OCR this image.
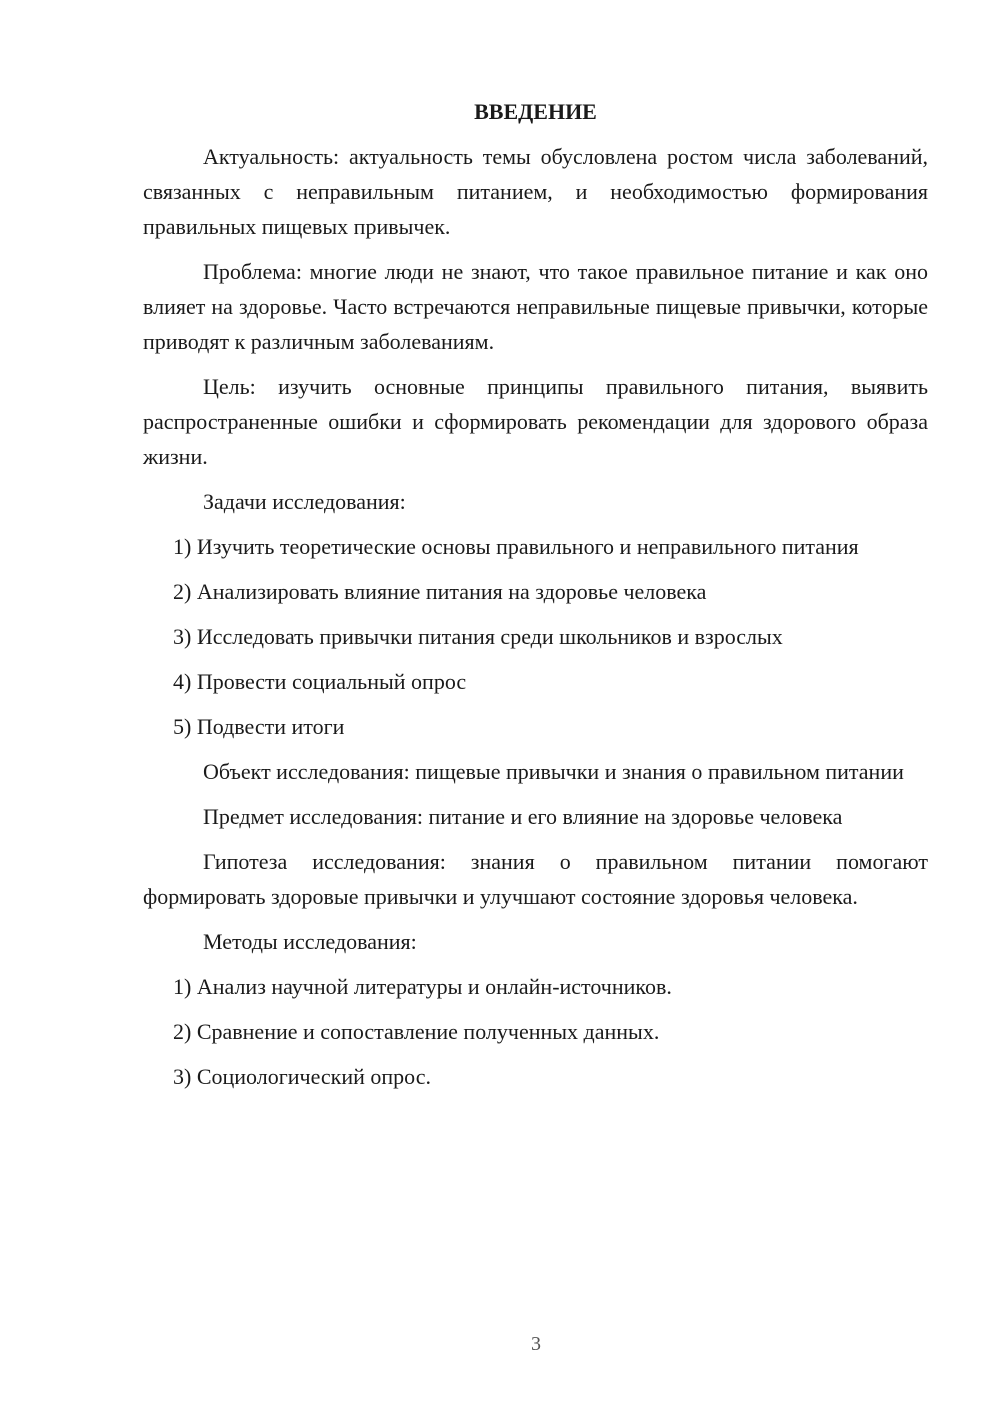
ВВЕДЕНИЕ

Актуальность: актуальность темы обусловлена ростом числа заболеваний, связанных с неправильным питанием, и необходимостью формирования правильных пищевых привычек.

Проблема: многие люди не знают, что такое правильное питание и как оно влияет на здоровье. Часто встречаются неправильные пищевые привычки, которые приводят к различным заболеваниям.

Цель: изучить основные принципы правильного питания, выявить распространенные ошибки и сформировать рекомендации для здорового образа жизни.

Задачи исследования:

1) Изучить теоретические основы правильного и неправильного питания

2) Анализировать влияние питания на здоровье человека

3) Исследовать привычки питания среди школьников и взрослых

4) Провести социальный опрос

5) Подвести итоги

Объект исследования: пищевые привычки и знания о правильном питании

Предмет исследования: питание и его влияние на здоровье человека

Гипотеза исследования: знания о правильном питании помогают формировать здоровые привычки и улучшают состояние здоровья человека.

Методы исследования:

1) Анализ научной литературы и онлайн-источников.

2) Сравнение и сопоставление полученных данных.

3) Социологический опрос.

3
